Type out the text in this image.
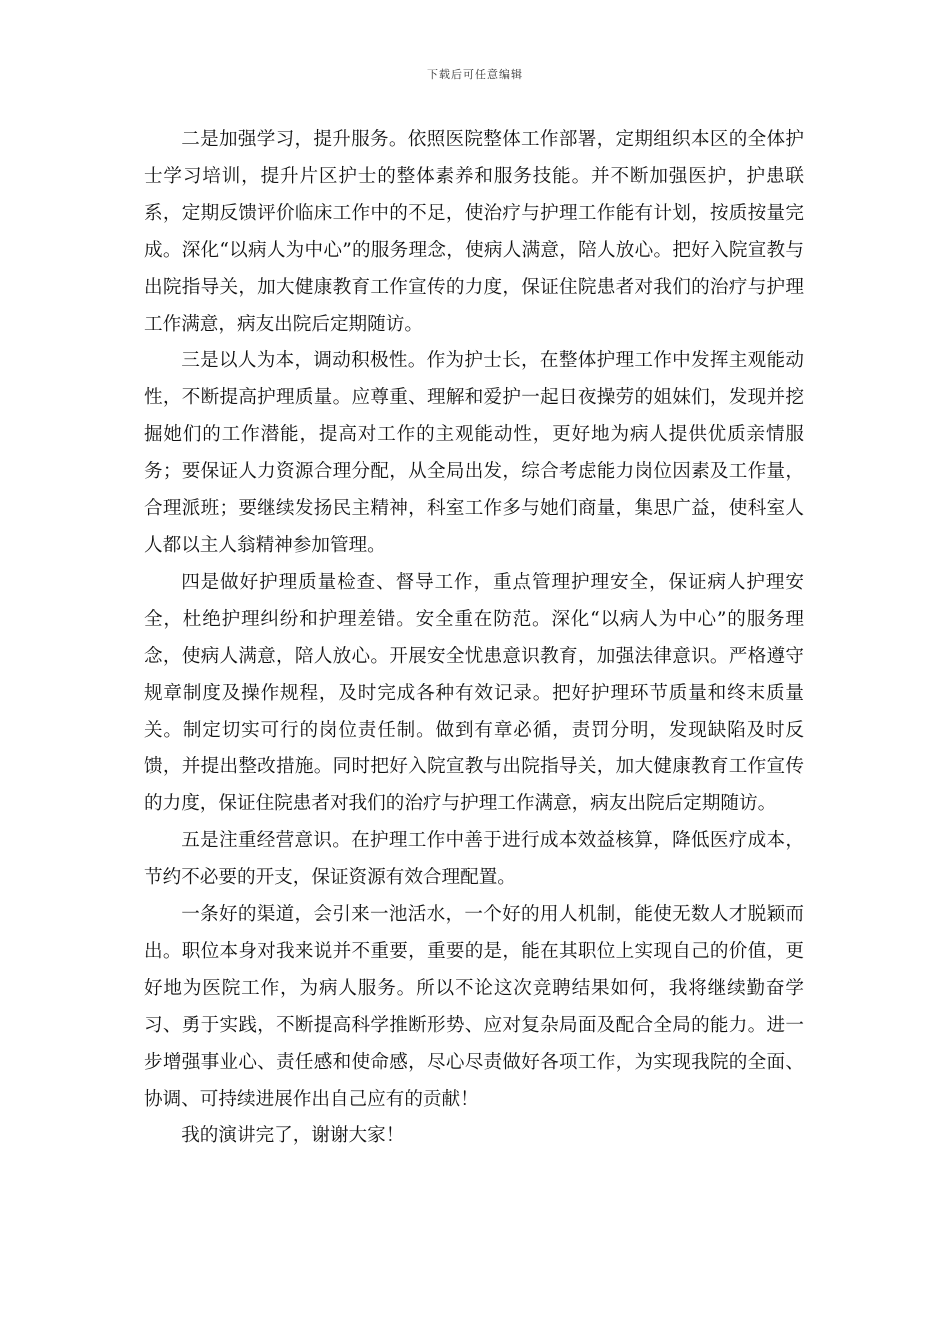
下载后可任意编辑

二是加强学习，提升服务。依照医院整体工作部署，定期组织本区的全体护士学习培训，提升片区护士的整体素养和服务技能。并不断加强医护，护患联系，定期反馈评价临床工作中的不足，使治疗与护理工作能有计划，按质按量完成。深化“以病人为中心”的服务理念，使病人满意，陪人放心。把好入院宣教与出院指导关，加大健康教育工作宣传的力度，保证住院患者对我们的治疗与护理工作满意，病友出院后定期随访。

三是以人为本，调动积极性。作为护士长，在整体护理工作中发挥主观能动性，不断提高护理质量。应尊重、理解和爱护一起日夜操劳的姐妹们，发现并挖掘她们的工作潜能，提高对工作的主观能动性，更好地为病人提供优质亲情服务；要保证人力资源合理分配，从全局出发，综合考虑能力岗位因素及工作量，合理派班；要继续发扬民主精神，科室工作多与她们商量，集思广益，使科室人人都以主人翁精神参加管理。

四是做好护理质量检查、督导工作，重点管理护理安全，保证病人护理安全，杜绝护理纠纷和护理差错。安全重在防范。深化“以病人为中心”的服务理念，使病人满意，陪人放心。开展安全忧患意识教育，加强法律意识。严格遵守规章制度及操作规程，及时完成各种有效记录。把好护理环节质量和终末质量关。制定切实可行的岗位责任制。做到有章必循，责罚分明，发现缺陷及时反馈，并提出整改措施。同时把好入院宣教与出院指导关，加大健康教育工作宣传的力度，保证住院患者对我们的治疗与护理工作满意，病友出院后定期随访。

五是注重经营意识。在护理工作中善于进行成本效益核算，降低医疗成本，节约不必要的开支，保证资源有效合理配置。

一条好的渠道，会引来一池活水，一个好的用人机制，能使无数人才脱颖而出。职位本身对我来说并不重要，重要的是，能在其职位上实现自己的价值，更好地为医院工作，为病人服务。所以不论这次竞聘结果如何，我将继续勤奋学习、勇于实践，不断提高科学推断形势、应对复杂局面及配合全局的能力。进一步增强事业心、责任感和使命感，尽心尽责做好各项工作，为实现我院的全面、协调、可持续进展作出自己应有的贡献！

我的演讲完了，谢谢大家！
